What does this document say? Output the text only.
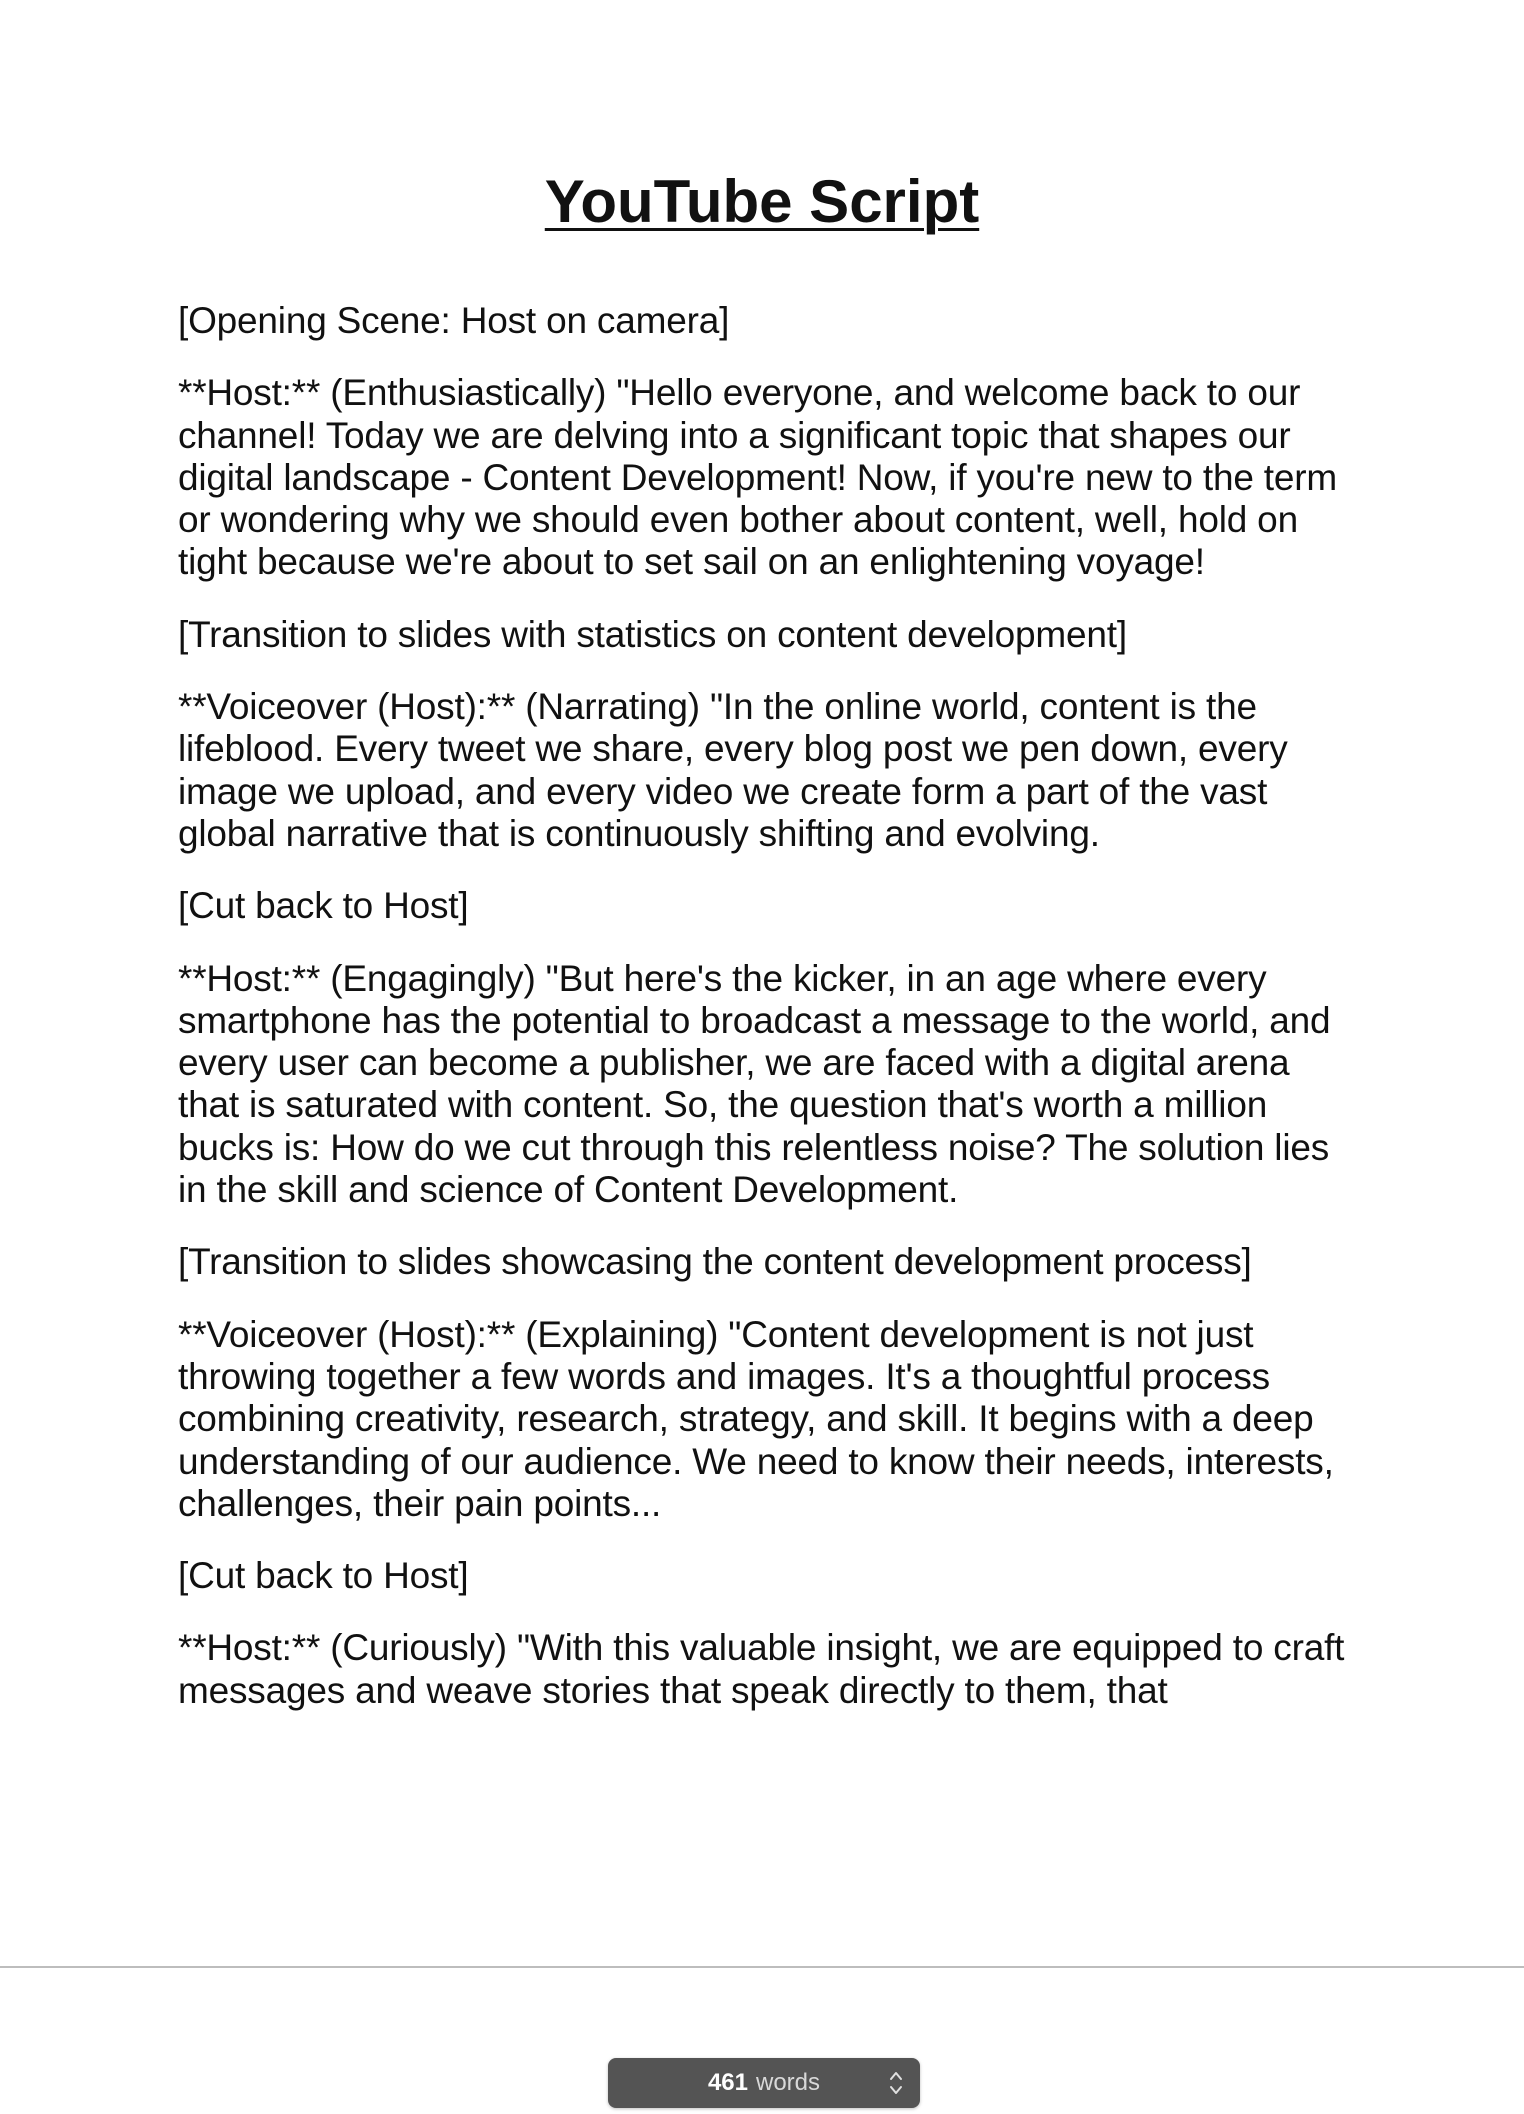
YouTube Script

[Opening Scene: Host on camera]

**Host:** (Enthusiastically) "Hello everyone, and welcome back to our channel! Today we are delving into a significant topic that shapes our digital landscape - Content Development! Now, if you're new to the term or wondering why we should even bother about content, well, hold on tight because we're about to set sail on an enlightening voyage!

[Transition to slides with statistics on content development]

**Voiceover (Host):** (Narrating) "In the online world, content is the lifeblood. Every tweet we share, every blog post we pen down, every image we upload, and every video we create form a part of the vast global narrative that is continuously shifting and evolving.

[Cut back to Host]

**Host:** (Engagingly) "But here's the kicker, in an age where every smartphone has the potential to broadcast a message to the world, and every user can become a publisher, we are faced with a digital arena that is saturated with content. So, the question that's worth a million bucks is: How do we cut through this relentless noise? The solution lies in the skill and science of Content Development.

[Transition to slides showcasing the content development process]

**Voiceover (Host):** (Explaining) "Content development is not just throwing together a few words and images. It's a thoughtful process combining creativity, research, strategy, and skill. It begins with a deep understanding of our audience. We need to know their needs, interests, challenges, their pain points...

[Cut back to Host]

**Host:** (Curiously) "With this valuable insight, we are equipped to craft messages and weave stories that speak directly to them, that

461 words
